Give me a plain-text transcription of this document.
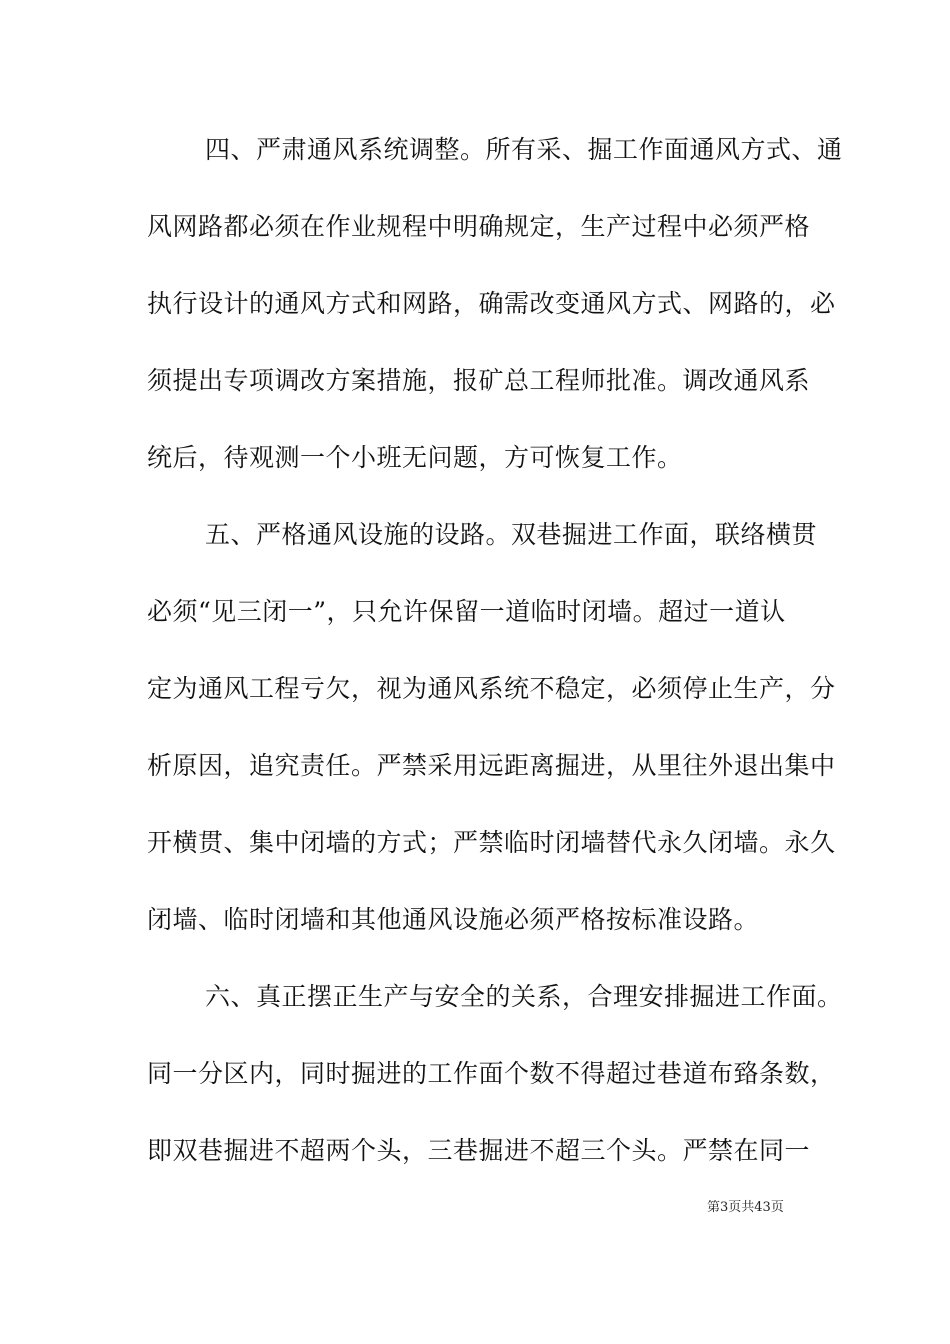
四、严肃通风系统调整。所有采、掘工作面通风方式、通
风网路都必须在作业规程中明确规定，生产过程中必须严格
执行设计的通风方式和网路，确需改变通风方式、网路的，必
须提出专项调改方案措施，报矿总工程师批准。调改通风系
统后，待观测一个小班无问题，方可恢复工作。
五、严格通风设施的设路。双巷掘进工作面，联络横贯
必须“见三闭一”，只允许保留一道临时闭墙。超过一道认
定为通风工程亏欠，视为通风系统不稳定，必须停止生产，分
析原因，追究责任。严禁采用远距离掘进，从里往外退出集中
开横贯、集中闭墙的方式；严禁临时闭墙替代永久闭墙。永久
闭墙、临时闭墙和其他通风设施必须严格按标准设路。
六、真正摆正生产与安全的关系，合理安排掘进工作面。
同一分区内，同时掘进的工作面个数不得超过巷道布臵条数，
即双巷掘进不超两个头，三巷掘进不超三个头。严禁在同一
第3页共43页
